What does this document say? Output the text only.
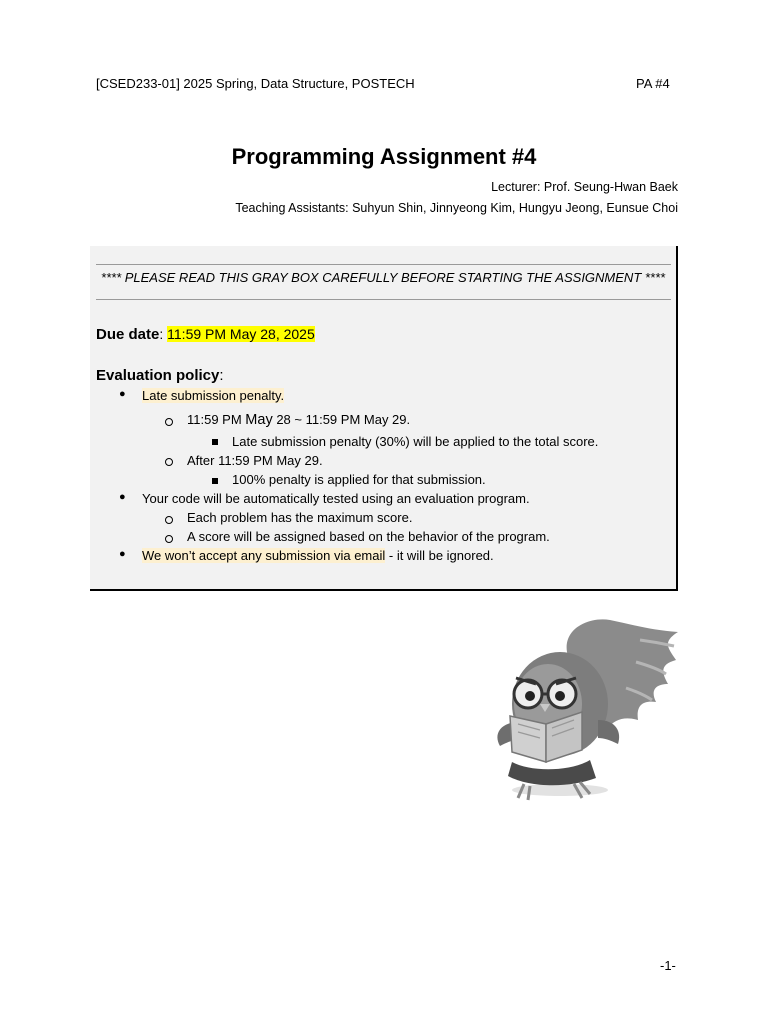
[CSED233-01] 2025 Spring, Data Structure, POSTECH	PA #4
Programming Assignment #4
Lecturer: Prof. Seung-Hwan Baek
Teaching Assistants: Suhyun Shin, Jinnyeong Kim, Hungyu Jeong, Eunsue Choi
**** PLEASE READ THIS GRAY BOX CAREFULLY BEFORE STARTING THE ASSIGNMENT ****
Due date: 11:59 PM May 28, 2025
Evaluation policy:
● Late submission penalty.
11:59 PM May 28 ~ 11:59 PM May 29.
Late submission penalty (30%) will be applied to the total score.
After 11:59 PM May 29.
100% penalty is applied for that submission.
● Your code will be automatically tested using an evaluation program.
Each problem has the maximum score.
A score will be assigned based on the behavior of the program.
● We won’t accept any submission via email - it will be ignored.
-1-
